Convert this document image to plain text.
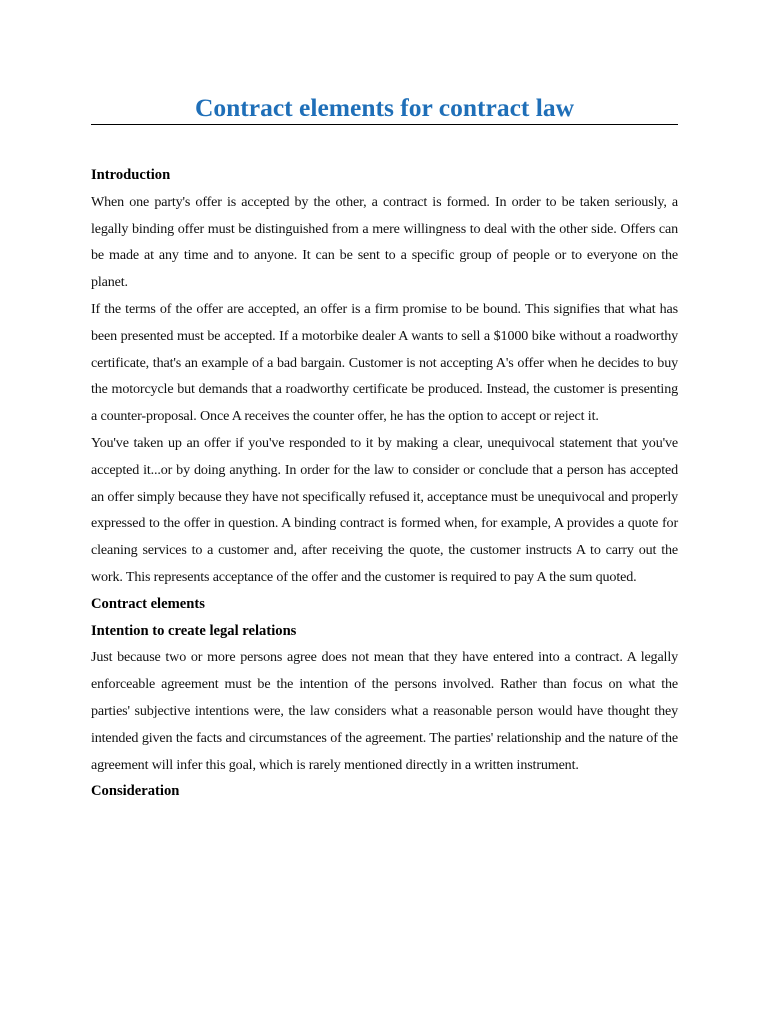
Contract elements for contract law
Introduction

When one party's offer is accepted by the other, a contract is formed. In order to be taken seriously, a legally binding offer must be distinguished from a mere willingness to deal with the other side. Offers can be made at any time and to anyone. It can be sent to a specific group of people or to everyone on the planet.

If the terms of the offer are accepted, an offer is a firm promise to be bound. This signifies that what has been presented must be accepted. If a motorbike dealer A wants to sell a $1000 bike without a roadworthy certificate, that's an example of a bad bargain. Customer is not accepting A's offer when he decides to buy the motorcycle but demands that a roadworthy certificate be produced. Instead, the customer is presenting a counter-proposal. Once A receives the counter offer, he has the option to accept or reject it.

You've taken up an offer if you've responded to it by making a clear, unequivocal statement that you've accepted it...or by doing anything. In order for the law to consider or conclude that a person has accepted an offer simply because they have not specifically refused it, acceptance must be unequivocal and properly expressed to the offer in question. A binding contract is formed when, for example, A provides a quote for cleaning services to a customer and, after receiving the quote, the customer instructs A to carry out the work. This represents acceptance of the offer and the customer is required to pay A the sum quoted.

Contract elements
Intention to create legal relations

Just because two or more persons agree does not mean that they have entered into a contract. A legally enforceable agreement must be the intention of the persons involved. Rather than focus on what the parties' subjective intentions were, the law considers what a reasonable person would have thought they intended given the facts and circumstances of the agreement. The parties' relationship and the nature of the agreement will infer this goal, which is rarely mentioned directly in a written instrument.

Consideration
